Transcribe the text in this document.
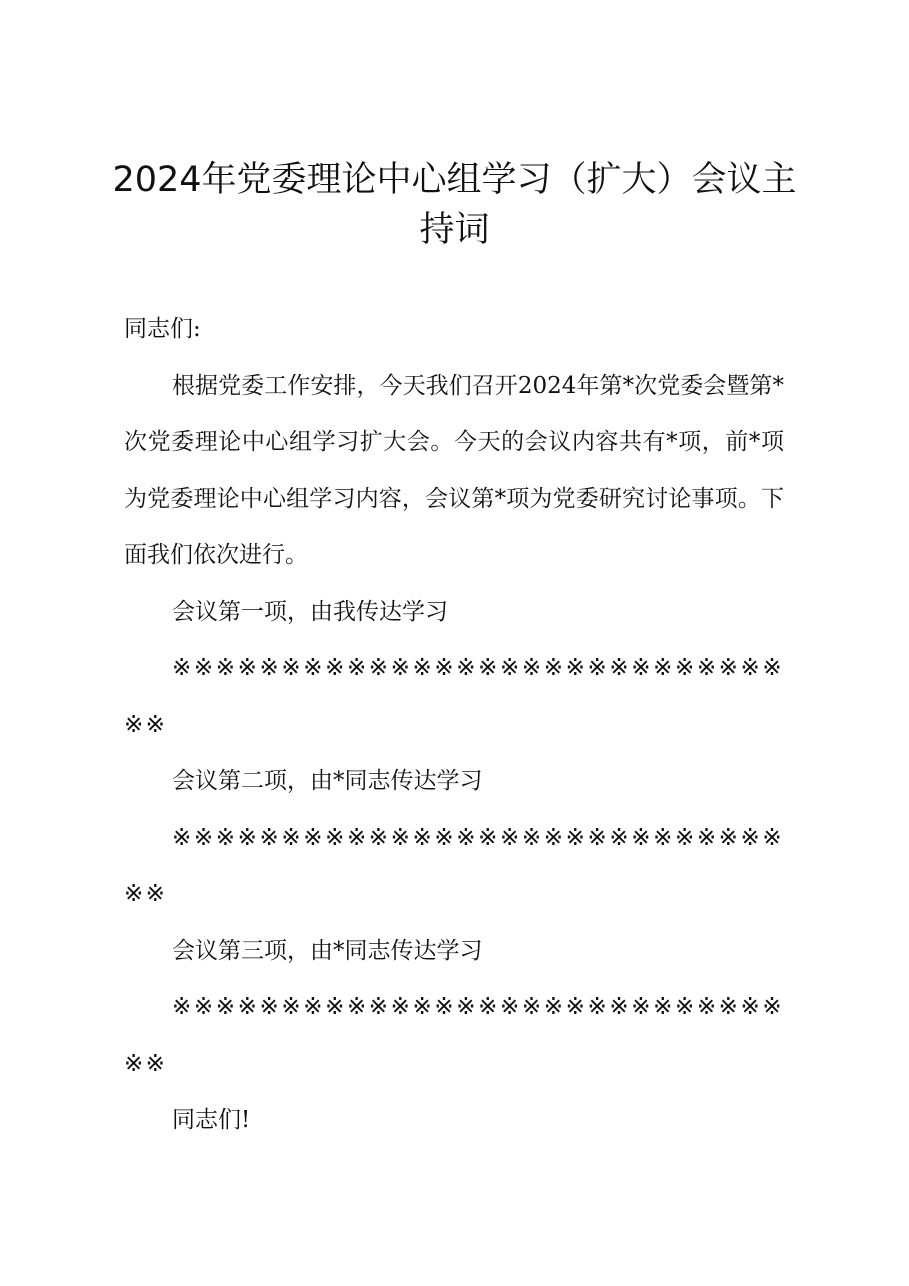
2024年党委理论中心组学习（扩大）会议主
持词

同志们:

根据党委工作安排，今天我们召开2024年第*次党委会暨第*次党委理论中心组学习扩大会。今天的会议内容共有*项，前*项为党委理论中心组学习内容，会议第*项为党委研究讨论事项。下面我们依次进行。

会议第一项，由我传达学习

※※※※※※※※※※※※※※※※※※※※※※※※※※※※※※

会议第二项，由*同志传达学习

※※※※※※※※※※※※※※※※※※※※※※※※※※※※※※

会议第三项，由*同志传达学习

※※※※※※※※※※※※※※※※※※※※※※※※※※※※※※

同志们!
